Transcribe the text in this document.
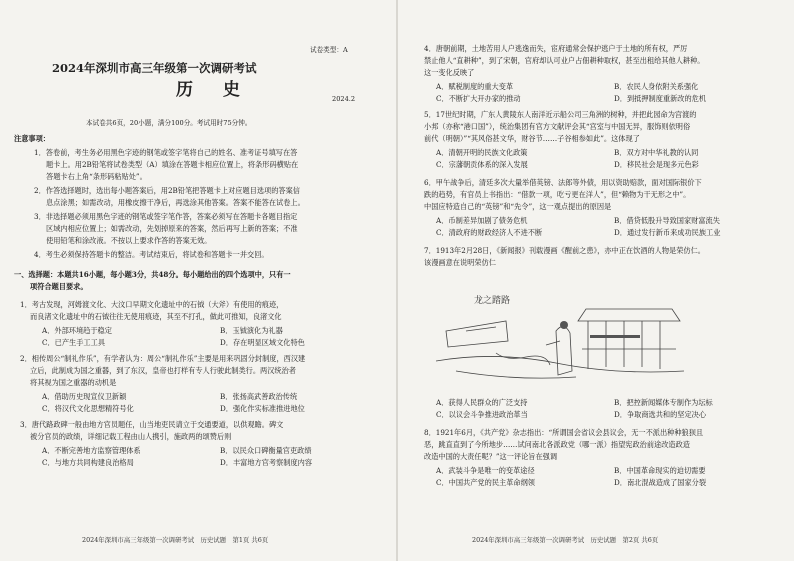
试卷类型：A
2024年深圳市高三年级第一次调研考试
历 史	2024.2
本试卷共6页，20小题，满分100分。考试用时75分钟。
注意事项：
1．答卷前，考生务必用黑色字迹的钢笔或签字笔将自己的姓名、准考证号填写在答
题卡上。用2B铅笔将试卷类型（A）填涂在答题卡相应位置上，将条形码横贴在
答题卡右上角“条形码粘贴处”。
2．作答选择题时，选出每小题答案后，用2B铅笔把答题卡上对应题目选项的答案信
息点涂黑；如需改动，用橡皮擦干净后，再选涂其他答案。答案不能答在试卷上。
3．非选择题必须用黑色字迹的钢笔或签字笔作答，答案必须写在答题卡各题目指定
区域内相应位置上；如需改动，先划掉原来的答案，然后再写上新的答案；不准
使用铅笔和涂改液。不按以上要求作答的答案无效。
4．考生必须保持答题卡的整洁。考试结束后，将试卷和答题卡一并交回。
一、选择题：本题共16小题，每小题3分，共48分。每小题给出的四个选项中，只有一
项符合题目要求。
1．考古发现，河姆渡文化、大汶口早期文化遗址中的石钺（大斧）有使用的痕迹，
而良渚文化遗址中的石钺往往无使用痕迹，其至不打孔，做此可推知，良渚文化
A．外部环境趋于稳定	B．玉钺演化为礼器
C．已产生手工工具	D．存在明显区域文化特色
2．相传周公“制礼作乐”，有学者认为：周公“制礼作乐”主要是用来巩固分封制度，西汉建
立后，此制成为国之重器，到了东汉，皇帝也打样有专人行驶此制类行。两汉统治者
将其视为国之重器的动机是
A．借助历史现宣仪卫新颖	B．张扬高武善政治传统
C．将汉代文化思想精符号化	D．强化作实标准推进地位
3．唐代路政碑一般由地方官员题任，山当地吏民请立于交通要道，以供观瞻。碑文
被分官员的政绩，详细记载工程由山人携引，施政两的颂赞后则
A．不断完善地方监察管理体系	B．以民众口碑衡量官吏政绩
C．与地方共同构建良治格局	D．丰富地方官考察制度内容
2024年深圳市高三年级第一次调研考试　历史试题　第1页 共6页
4．唐朝前期，土地苦用人户逃逸而失，宦府通常会保护逃户于土地的所有权，严厉
禁止他人“直耕种”，到了宋朝，官府却认可业户占佃耕种取权，甚至出租给其他人耕种。
这一变化反映了
A．赋税制度的重大变革	B．农民人身依附关系强化
C．不断扩大开办家的推动	D．到抵押制度重新改的危机
5．17世纪时期，广东人黄陵东人南洋近示船公司三角洲的树种，并把此园命为宫渡的
小邦（亦称“港口国”），统治集团有官方文献评会其“宫室与中国无异，服饰则依明俗
前代（明朝）”“其风俗甚文华，财谷节……子谷相参如此”。这体现了
A．清朝开明的民族文化政策	B．双方对中华礼教的认同
C．宗藩朝贡体系的深入发展	D．移民社会是现多元色彩
6．甲午战争后，清廷多次大量举借英镑、法郎等外债，用以资助赔款，面对国际银价下
跌的趋势，有官员上书指出：“借款一项，吃亏更在洋人”，但“赖物为干无形之中”。
中国应特造自己的“英镑”和“先令”，这一观点提出的原因是
A．币制差异加剧了债务危机	B．借贷低股升导致国家财富流失
C．清政府的财政经济人不进不断	D．通过发行新币来成功民族工业
7．1913年2月28日，《新闻报》刊载漫画《醒前之患》，亦中正在饮酒的人物是荣仿仁。
该漫画意在说明荣仿仁
龙之踏路
A．获得人民群众的广泛支持	B．把控新闻媒体专制作为坛标
C．以议会斗争推进政治革当	D．争取商选共和的坚定决心
8．1921年6月，《共产党》杂志指出：“所谓国会省议会县议会，无一不派出种种狼狈且
恶，跳直直到了今所地步……试问南北各派政党（哪一派）指望宪政治前途改造政造
改造中国的大责任呢？”这一评论旨在强调
A．武装斗争是唯一的变革途径	B．中国革命现实的迫切需要
C．中国共产党的民主革命纲领	D．南北混战造成了国家分裂
2024年深圳市高三年级第一次调研考试　历史试题　第2页 共6页
